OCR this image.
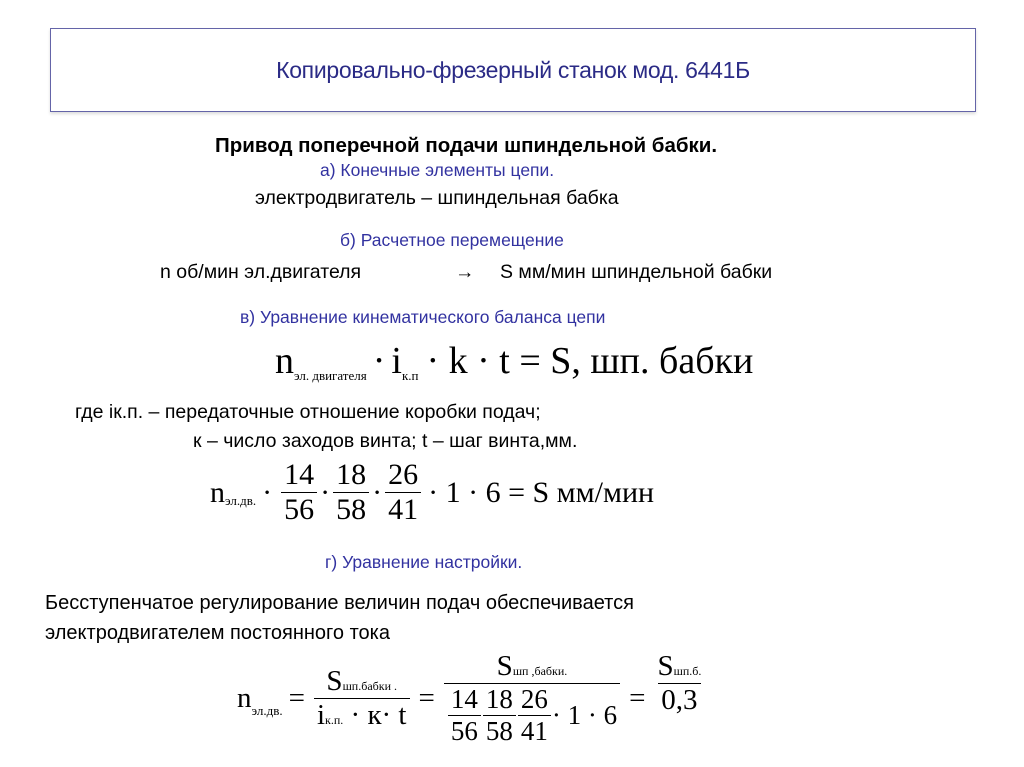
Копировально-фрезерный станок мод. 6441Б
Привод поперечной подачи шпиндельной бабки.
а) Конечные элементы цепи.
электродвигатель – шпиндельная бабка
б) Расчетное перемещение
n об/мин эл.двигателя	→ S мм/мин шпиндельной бабки
в) Уравнение кинематического баланса цепи
n эл. двигателя · i к.п · k · t = S, шп. бабки
где iк.п. – передаточные отношение коробки подач;
к – число заходов винта; t – шаг винта,мм.
n эл.дв. · $\frac{14}{56} \cdot \frac{18}{58} \cdot \frac{26}{41} \cdot 1 \cdot 6 = S$ мм/мин
г) Уравнение настройки.
Бесступенчатое регулирование величин подач обеспечивается
электродвигателем постоянного тока
n эл.дв. = $\frac{\text{Sшп.бабки .}}{iк.п. \cdot к\cdot t} = \frac{\text{Sшп ,бабки.}}{\frac{14}{56} \frac{18}{58} \frac{26}{41} \cdot 1 \cdot 6} = \frac{\text{Sшп.б.}}{0,3}$
